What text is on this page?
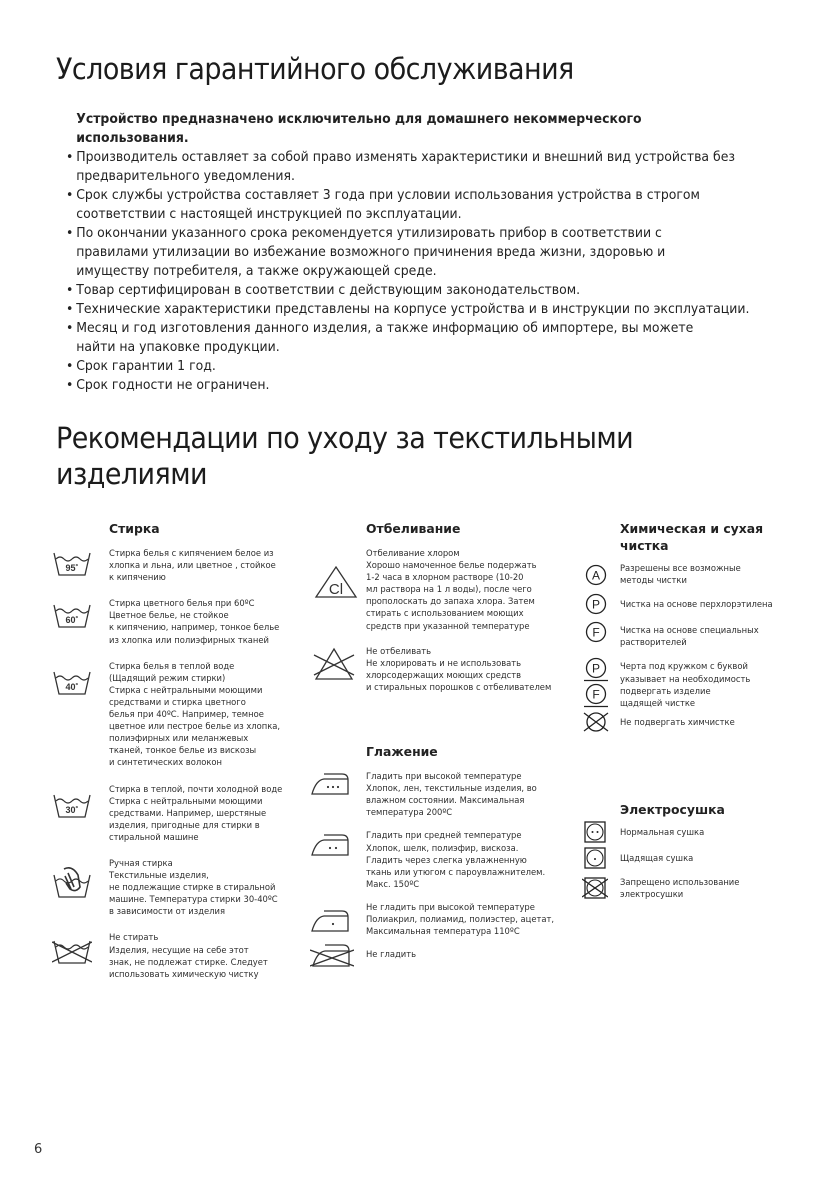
Условия гарантийного обслуживания
Устройство предназначено исключительно для домашнего некоммерческого использования.
• Производитель оставляет за собой право изменять характеристики и внешний вид устройства без предварительного уведомления.
• Срок службы устройства составляет 3 года при условии использования устройства в строгом соответствии с настоящей инструкцией по эксплуатации.
• По окончании указанного срока рекомендуется утилизировать прибор в соответствии с правилами утилизации во избежание возможного причинения вреда жизни, здоровью и имуществу потребителя, а также окружающей среде.
• Товар сертифицирован в соответствии с действующим законодательством.
• Технические характеристики представлены на корпусе устройства и в инструкции по эксплуатации.
• Месяц и год изготовления данного изделия, а также информацию об импортере, вы можете найти на упаковке продукции.
• Срок гарантии 1 год.
• Срок годности не ограничен.
Рекомендации по уходу за текстильными изделиями
Стирка
95˚
Стирка белья с кипячением белое из
хлопка и льна, или цветное , стойкое
к кипячению
60˚
Стирка цветного белья при 60ºC
Цветное белье, не стойкое
к кипячению, например, тонкое белье
из хлопка или полиэфирных тканей
40˚
Стирка белья в теплой воде
(Щадящий режим стирки)
Стирка с нейтральными моющими
средствами и стирка цветного
белья при 40ºC. Например, темное
цветное или пестрое белье из хлопка,
полиэфирных или меланжевых
тканей, тонкое белье из вискозы
и синтетических волокон
30˚
Стирка в теплой, почти холодной воде
Стирка с нейтральными моющими
средствами. Например, шерстяные
изделия, пригодные для стирки в
стиральной машине
Ручная стирка
Текстильные изделия,
не подлежащие стирке в стиральной
машине. Температура стирки 30-40ºC
в зависимости от изделия
Не стирать
Изделия, несущие на себе этот
знак, не подлежат стирке. Следует
использовать химическую чистку
Отбеливание
Cl
Отбеливание хлором
Хорошо намоченное белье подержать
1-2 часа в хлорном растворе (10-20
мл раствора на 1 л воды), после чего
прополоскать до запаха хлора. Затем
стирать с использованием моющих
средств при указанной температуре
Не отбеливать
Не хлорировать и не использовать
хлорсодержащих моющих средств
и стиральных порошков с отбеливателем
Глажение
Гладить при высокой температуре
Хлопок, лен, текстильные изделия, во
влажном состоянии. Максимальная
температура 200ºC
Гладить при средней температуре
Хлопок, шелк, полиэфир, вискоза.
Гладить через слегка увлажненную
ткань или утюгом с пароувлажнителем.
Макс. 150ºC
Не гладить при высокой температуре
Полиакрил, полиамид, полиэстер, ацетат,
Максимальная температура 110ºC
Не гладить
Химическая и сухая чистка
A
Разрешены все возможные
методы чистки
P Чистка на основе перхлорэтилена
F Чистка на основе специальных
растворителей
P
F
Черта под кружком с буквой
указывает на необходимость
подвергать изделие
щадящей чистке
Не подвергать химчистке
Электросушка
Нормальная сушка
Щадящая сушка
Запрещено использование
электросушки
6
